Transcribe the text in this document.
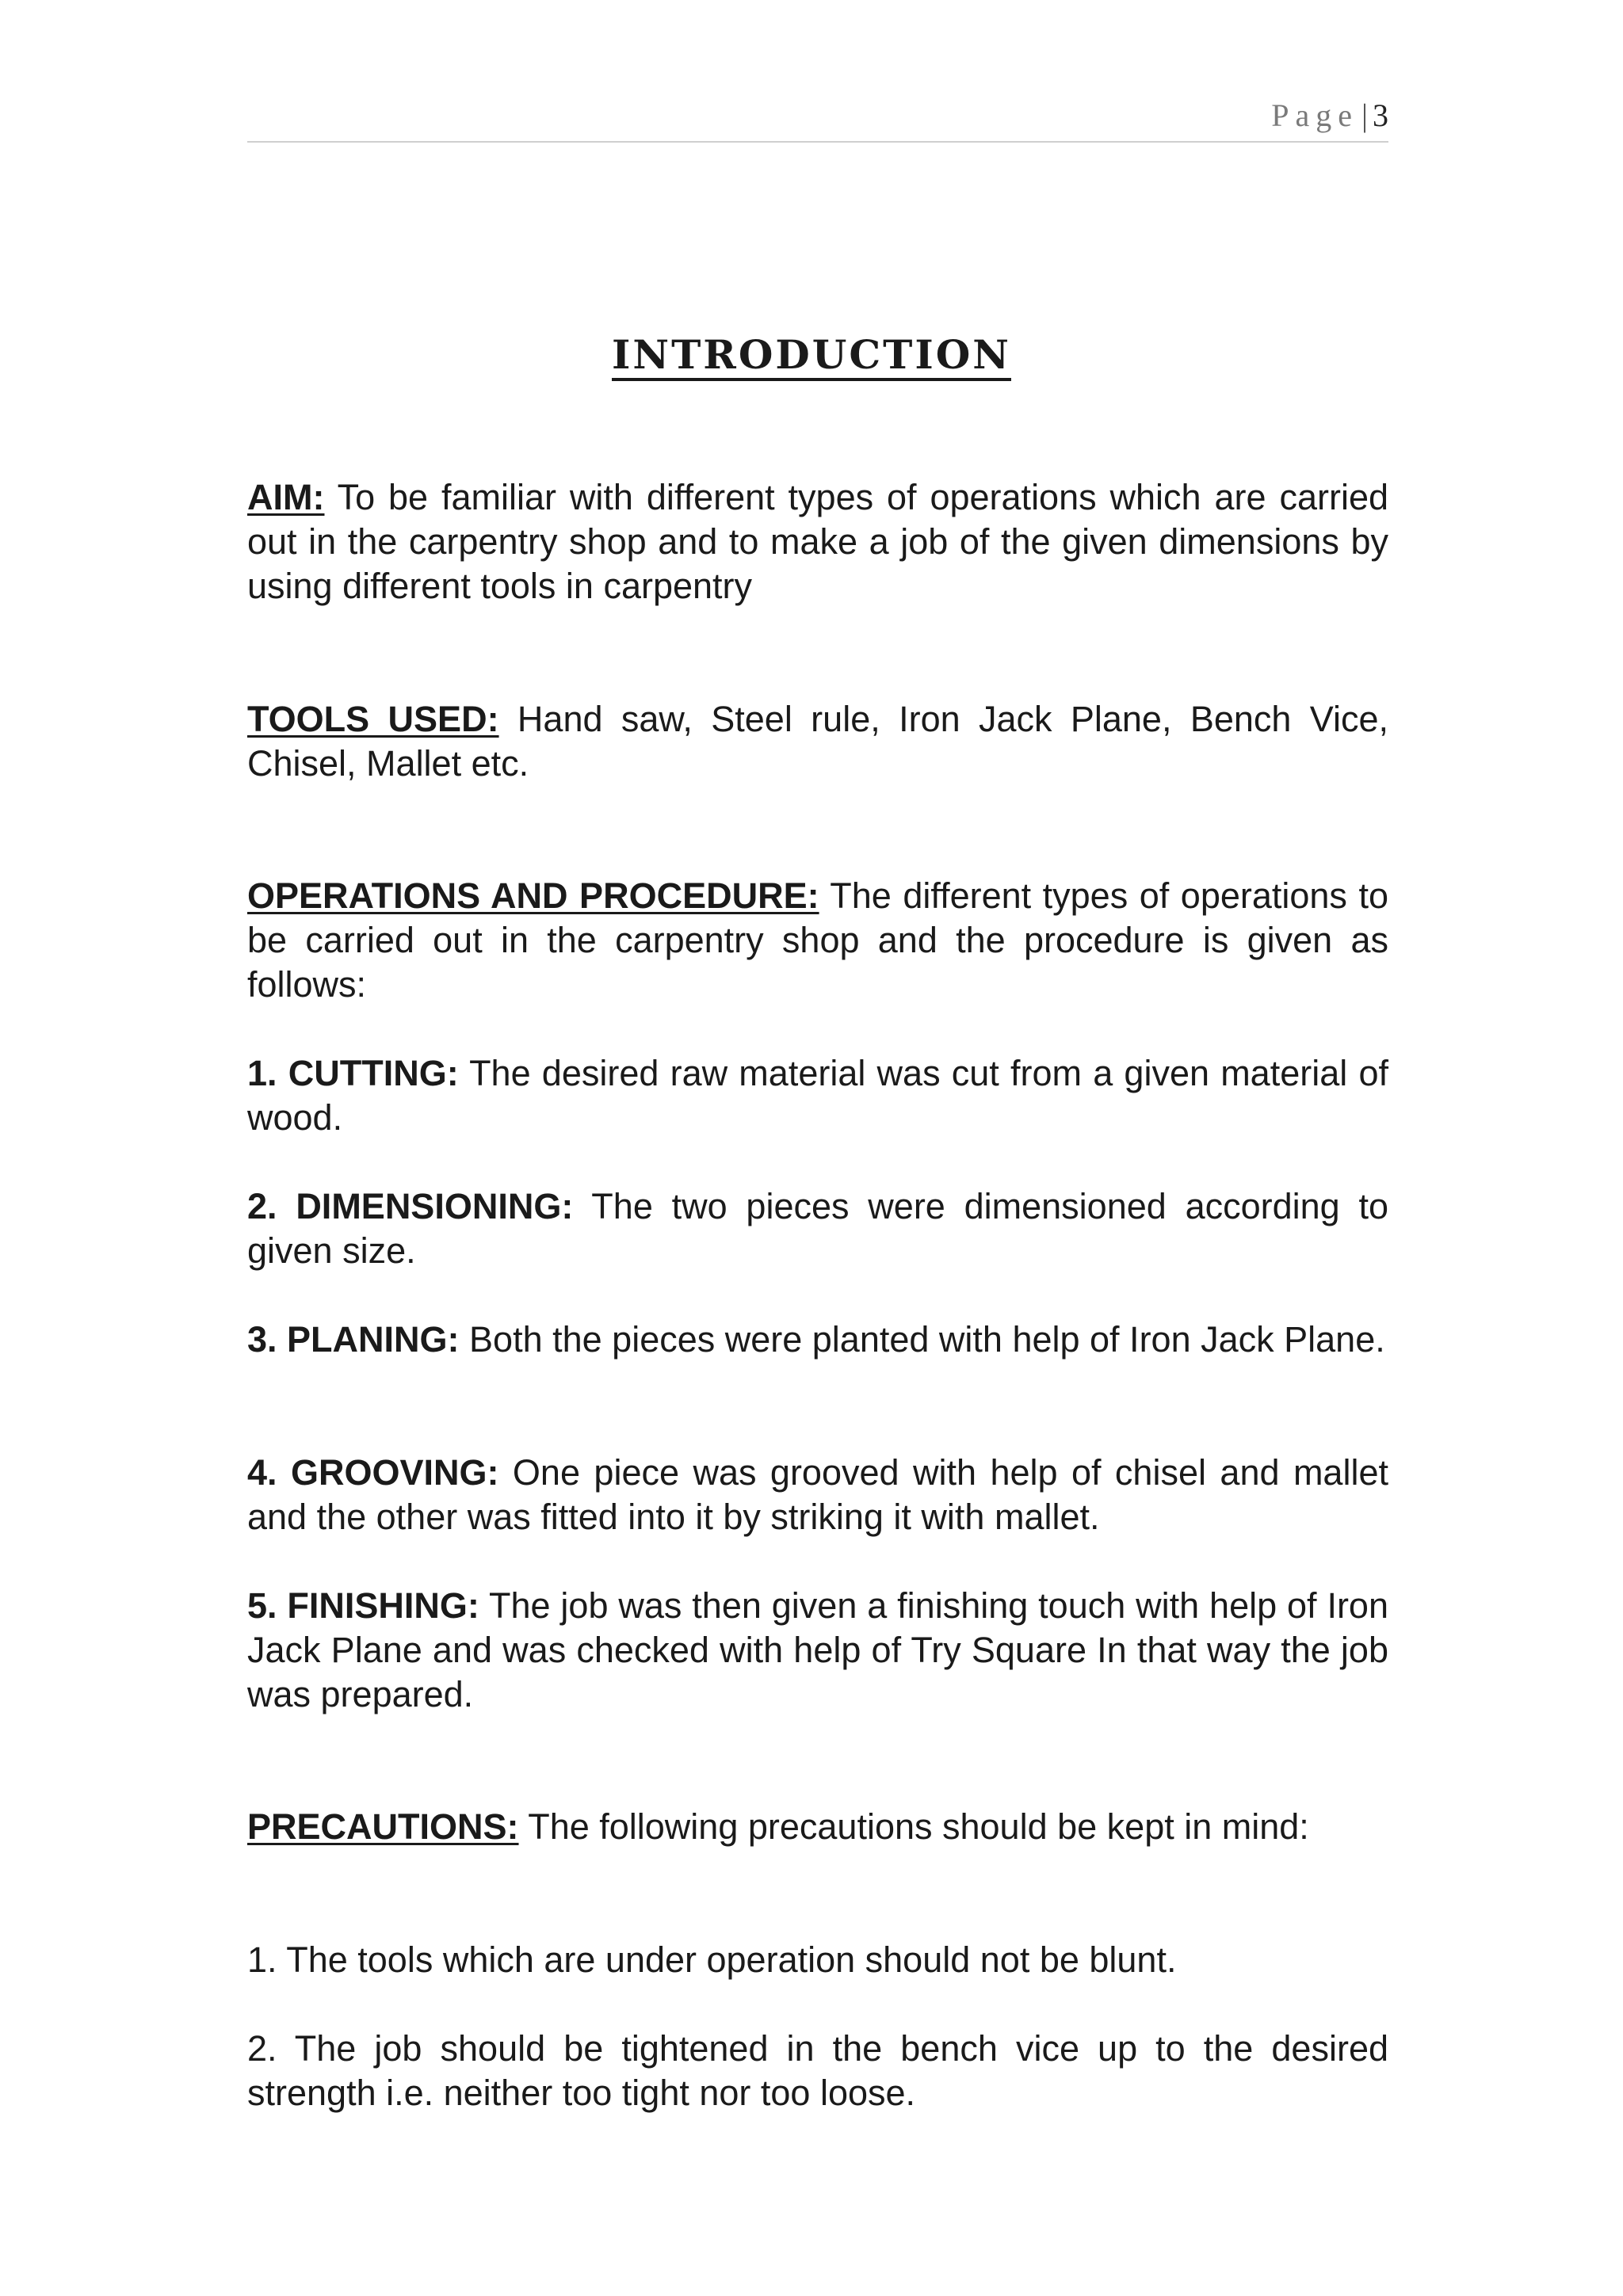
Page | 3
INTRODUCTION

AIM: To be familiar with different types of operations which are carried out in the carpentry shop and to make a job of the given dimensions by using different tools in carpentry

TOOLS USED: Hand saw, Steel rule, Iron Jack Plane, Bench Vice, Chisel, Mallet etc.

OPERATIONS AND PROCEDURE: The different types of operations to be carried out in the carpentry shop and the procedure is given as follows:

1. CUTTING: The desired raw material was cut from a given material of wood.

2. DIMENSIONING: The two pieces were dimensioned according to given size.

3. PLANING: Both the pieces were planted with help of Iron Jack Plane.

4. GROOVING: One piece was grooved with help of chisel and mallet and the other was fitted into it by striking it with mallet.

5. FINISHING: The job was then given a finishing touch with help of Iron Jack Plane and was checked with help of Try Square In that way the job was prepared.

PRECAUTIONS: The following precautions should be kept in mind:

1. The tools which are under operation should not be blunt.

2. The job should be tightened in the bench vice up to the desired strength i.e. neither too tight nor too loose.
